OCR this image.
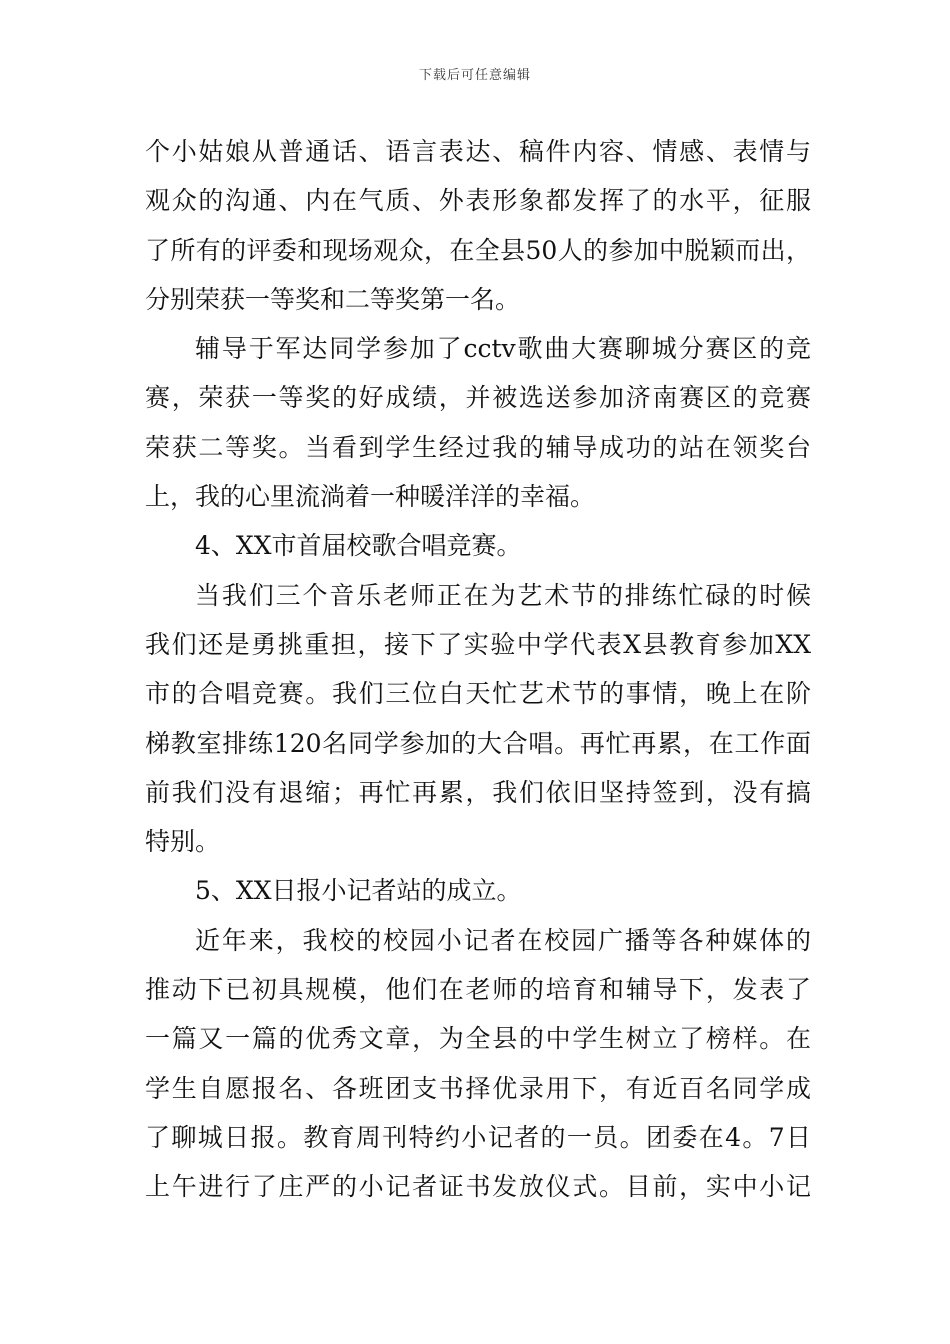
下载后可任意编辑
个小姑娘从普通话、语言表达、稿件内容、情感、表情与
观众的沟通、内在气质、外表形象都发挥了的水平，征服
了所有的评委和现场观众，在全县50人的参加中脱颖而出，
分别荣获一等奖和二等奖第一名。
辅导于军达同学参加了cctv歌曲大赛聊城分赛区的竞
赛，荣获一等奖的好成绩，并被选送参加济南赛区的竞赛
荣获二等奖。当看到学生经过我的辅导成功的站在领奖台
上，我的心里流淌着一种暖洋洋的幸福。
4、XX市首届校歌合唱竞赛。
当我们三个音乐老师正在为艺术节的排练忙碌的时候
我们还是勇挑重担，接下了实验中学代表X县教育参加XX
市的合唱竞赛。我们三位白天忙艺术节的事情，晚上在阶
梯教室排练120名同学参加的大合唱。再忙再累，在工作面
前我们没有退缩；再忙再累，我们依旧坚持签到，没有搞
特别。
5、XX日报小记者站的成立。
近年来，我校的校园小记者在校园广播等各种媒体的
推动下已初具规模，他们在老师的培育和辅导下，发表了
一篇又一篇的优秀文章，为全县的中学生树立了榜样。在
学生自愿报名、各班团支书择优录用下，有近百名同学成
了聊城日报。教育周刊特约小记者的一员。团委在4。7日
上午进行了庄严的小记者证书发放仪式。目前，实中小记
